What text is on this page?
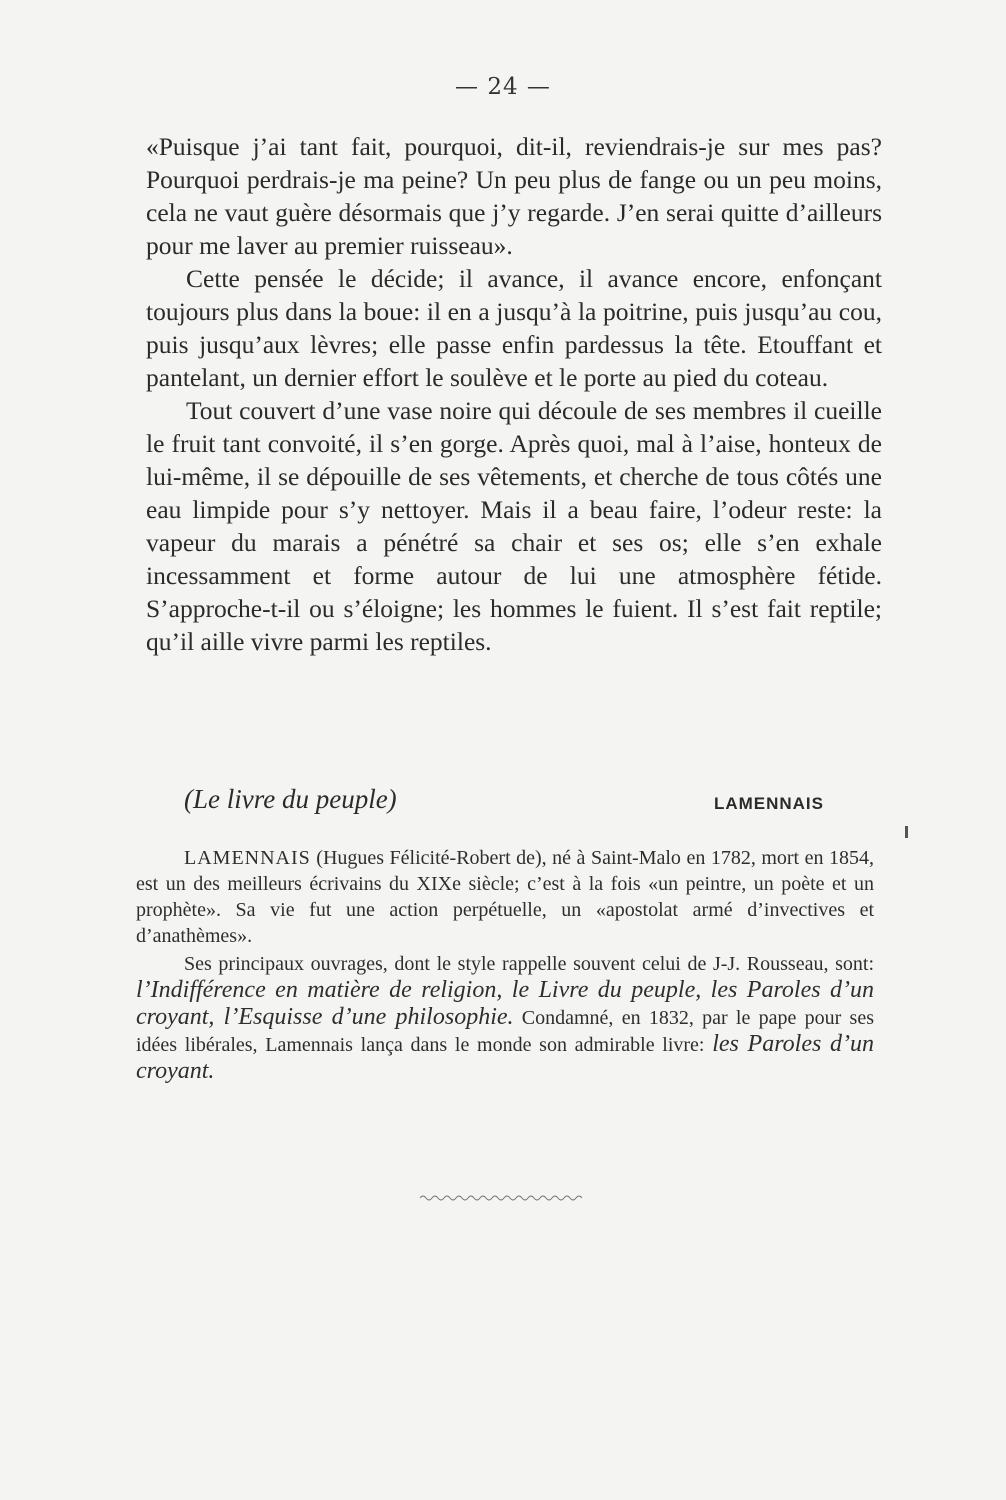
— 24 —

«Puisque j’ai tant fait, pourquoi, dit-il, reviendrais-je sur mes pas? Pourquoi perdrais-je ma peine? Un peu plus de fange ou un peu moins, cela ne vaut guère désormais que j’y regarde. J’en serai quitte d’ailleurs pour me laver au premier ruisseau».

Cette pensée le décide; il avance, il avance encore, enfonçant toujours plus dans la boue: il en a jusqu’à la poitrine, puis jusqu’au cou, puis jusqu’aux lèvres; elle passe enfin pardessus la tête. Etouffant et pantelant, un dernier effort le soulève et le porte au pied du coteau.

Tout couvert d’une vase noire qui découle de ses membres il cueille le fruit tant convoité, il s’en gorge. Après quoi, mal à l’aise, honteux de lui-même, il se dépouille de ses vêtements, et cherche de tous côtés une eau limpide pour s’y nettoyer. Mais il a beau faire, l’odeur reste: la vapeur du marais a pénétré sa chair et ses os; elle s’en exhale incessamment et forme autour de lui une atmosphère fétide. S’approche-t-il ou s’éloigne; les hommes le fuient. Il s’est fait reptile; qu’il aille vivre parmi les reptiles.

(Le livre du peuple)	LAMENNAIS

LAMENNAIS (Hugues Félicité-Robert de), né à Saint-Malo en 1782, mort en 1854, est un des meilleurs écrivains du XIXe siècle; c’est à la fois «un peintre, un poète et un prophète». Sa vie fut une action perpétuelle, un «apostolat armé d’invectives et d’anathèmes».

Ses principaux ouvrages, dont le style rappelle souvent celui de J-J. Rousseau, sont: l’Indifférence en matière de religion, le Livre du peuple, les Paroles d’un croyant, l’Esquisse d’une philosophie. Condamné, en 1832, par le pape pour ses idées libérales, Lamennais lança dans le monde son admirable livre: les Paroles d’un croyant.
